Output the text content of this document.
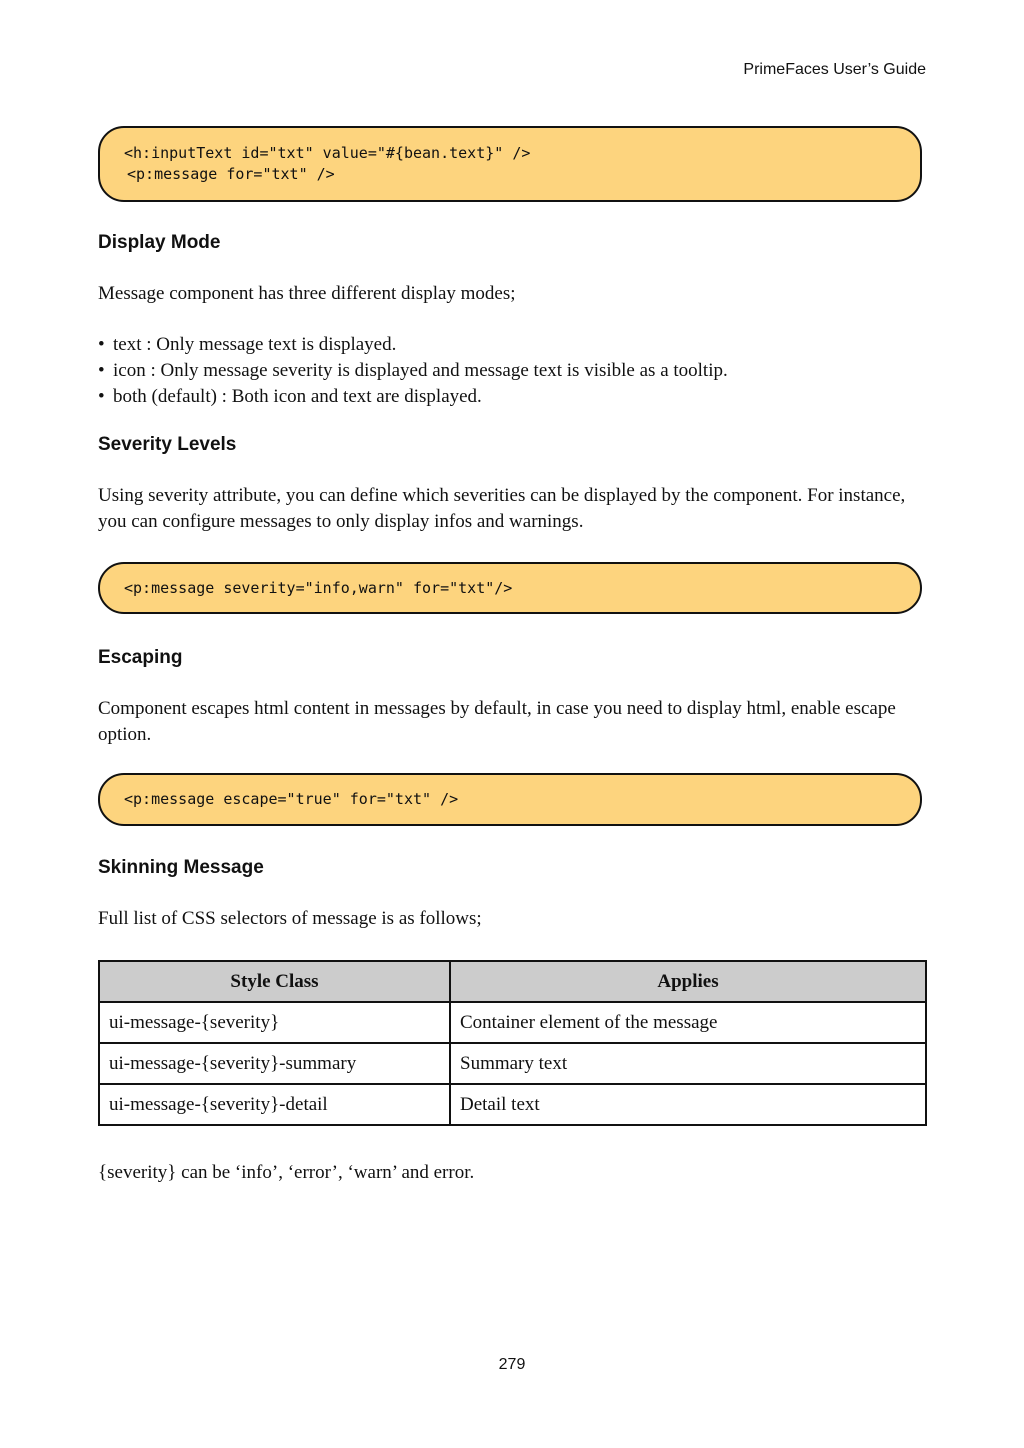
PrimeFaces User’s Guide
<h:inputText id="txt" value="#{bean.text}" />
<p:message for="txt" />
Display Mode
Message component has three different display modes;
• text : Only message text is displayed.
• icon : Only message severity is displayed and message text is visible as a tooltip.
• both (default) : Both icon and text are displayed.
Severity Levels
Using severity attribute, you can define which severities can be displayed by the component. For instance, you can configure messages to only display infos and warnings.
<p:message severity="info,warn" for="txt"/>
Escaping
Component escapes html content in messages by default, in case you need to display html, enable escape option.
<p:message escape="true" for="txt" />
Skinning Message
Full list of CSS selectors of message is as follows;
Style Class	Applies
ui-message-{severity}	Container element of the message
ui-message-{severity}-summary	Summary text
ui-message-{severity}-detail	Detail text
{severity} can be ‘info’, ‘error’, ‘warn’ and error.
279
